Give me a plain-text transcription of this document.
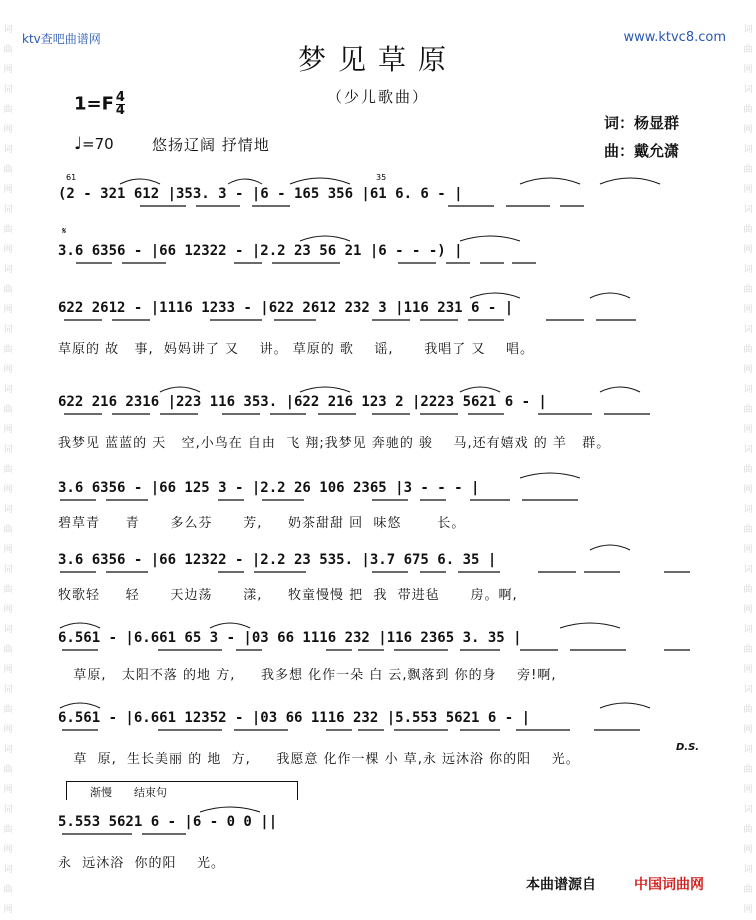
词
曲
网
词
曲
网
词
曲
网
词
曲
网
词
曲
网
词
曲
网
词
曲
网
词
曲
网
词
曲
网
词
曲
网
词
曲
网
词
曲
网
词
曲
网
词
曲
网
词
曲
网
词
曲
网
词
曲
网
词
曲
网
词
曲
网
词
曲
网
词
曲
网
词
曲
网
词
曲
网
词
曲
网
词
曲
网
词
曲
网
词
曲
网
词
曲
网
词
曲
网
词
曲
网
ktv查吧曲谱网	www.ktvc8.com
梦见草原
（少儿歌曲）
$1=F \frac{4}{4}$
♩=70	悠扬辽阔 抒情地
词：杨显群
曲：戴允潇
(2 - 321 612 |353. 3 - |6 - 165 356 |61 6. 6 - |
3.6 6356 - |66 12322 - |2.2 23 56 21 |6 - - -) |
622 2612 - |1116 1233 - |622 2612 232 3 |116 231 6 - |
草原的 故   事,  妈妈讲了 又    讲。 草原的 歌    谣,      我唱了 又    唱。
622 216 2316 |223 116 353. |622 216 123 2 |2223 5621 6 - |
我梦见 蓝蓝的 天   空,小鸟在 自由  飞 翔;我梦见 奔驰的 骏    马,还有嬉戏 的 羊   群。
3.6 6356 - |66 125 3 - |2.2 26 106 2365 |3 - - - |
碧草青     青      多么芬      芳,     奶茶甜甜 回  味悠       长。
3.6 6356 - |66 12322 - |2.2 23 535. |3.7 675 6. 35 |
牧歌轻     轻      天边荡      漾,     牧童慢慢 把  我  带进毡      房。啊,
6.561 - |6.661 65 3 - |03 66 1116 232 |116 2365 3. 35 |
草原,   太阳不落 的地 方,     我多想 化作一朵 白 云,飘落到 你的身    旁!啊,
6.561 - |6.661 12352 - |03 66 1116 232 |5.553 5621 6 - |
草  原,  生长美丽 的 地  方,     我愿意 化作一棵 小 草,永 远沐浴 你的阳    光。
D.S.
渐慢 结束句
5.553 5621 6 - |6 - 0 0 ||
永  远沐浴  你的阳    光。
本曲谱源自	中国词曲网
𝄋
35
61
